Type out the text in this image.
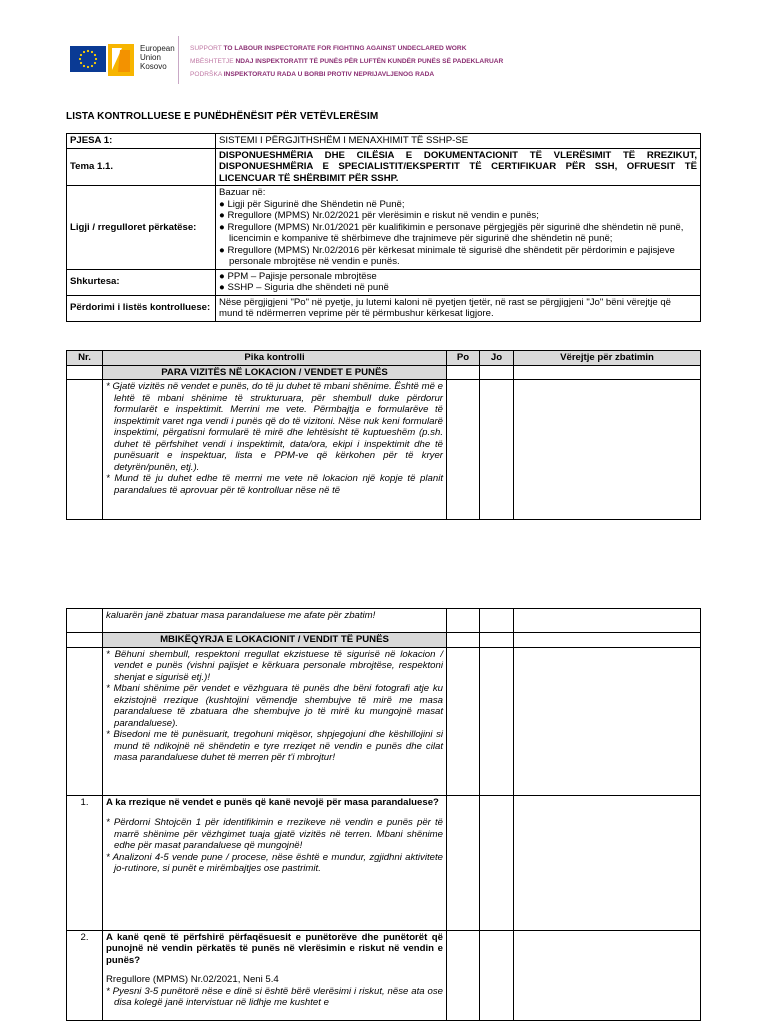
European
Union
Kosovo
SUPPORT TO LABOUR INSPECTORATE FOR FIGHTING AGAINST UNDECLARED WORK
MBËSHTETJE NDAJ INSPEKTORATIT TË PUNËS PËR LUFTËN KUNDËR PUNËS SË PADEKLARUAR
PODRŠKA INSPEKTORATU RADA U BORBI PROTIV NEPRIJAVLJENOG RADA
LISTA KONTROLLUESE E PUNËDHËNËSIT PËR VETËVLERËSIM
PJESA 1:	SISTEMI I PËRGJITHSHËM I MENAXHIMIT TË SSHP-SE
Tema 1.1.	DISPONUESHMËRIA DHE CILËSIA E DOKUMENTACIONIT TË VLERËSIMIT TË RREZIKUT, DISPONUESHMËRIA E SPECIALISTIT/EKSPERTIT TË CERTIFIKUAR PËR SSH, OFRUESIT TË LICENCUAR TË SHËRBIMIT PËR SSHP.
Ligji / rregulloret përkatëse:	Bazuar në:
● Ligji për Sigurinë dhe Shëndetin në Punë;
● Rregullore (MPMS) Nr.02/2021 për vlerësimin e riskut në vendin e punës;
● Rregullore (MPMS) Nr.01/2021 për kualifikimin e personave përgjegjës për sigurinë dhe shëndetin në punë, licencimin e kompanive të shërbimeve dhe trajnimeve për sigurinë dhe shëndetin në punë;
● Rregullore (MPMS) Nr.02/2016 për kërkesat minimale të sigurisë dhe shëndetit për përdorimin e pajisjeve personale mbrojtëse në vendin e punës.

Shkurtesa:	● PPM – Pajisje personale mbrojtëse
● SSHP – Siguria dhe shëndeti në punë

Përdorimi i listës kontrolluese:	Nëse përgjigjeni "Po" në pyetje, ju lutemi kaloni në pyetjen tjetër, në rast se përgjigjeni "Jo" bëni vërejtje që mund të ndërmerren veprime për të përmbushur kërkesat ligjore.
Nr.	Pika kontrolli	Po	Jo	Vërejtje për zbatimin
	PARA VIZITËS NË LOKACION / VENDET E PUNËS			

	* Gjatë vizitës në vendet e punës, do të ju duhet të mbani shënime. Është më e lehtë të mbani shënime të strukturuara, për shembull duke përdorur formularët e inspektimit. Merrini me vete. Përmbajtja e formularëve të inspektimit varet nga vendi i punës që do të vizitoni. Nëse nuk keni formularë inspektimi, përgatisni formularë të mirë dhe lehtësisht të kuptueshëm (p.sh. duhet të përfshihet vendi i inspektimit, data/ora, ekipi i inspektimit dhe të punësuarit e inspektuar, lista e PPM-ve që kërkohen për të kryer detyrën/punën, etj.).
* Mund të ju duhet edhe të merrni me vete në lokacion një kopje të planit parandalues të aprovuar për të kontrolluar nëse në të			

	kaluarën janë zbatuar masa parandaluese me afate për zbatim!			

	MBIKËQYRJA E LOKACIONIT / VENDIT TË PUNËS			

	* Bëhuni shembull, respektoni rregullat ekzistuese të sigurisë në lokacion / vendet e punës (vishni pajisjet e kërkuara personale mbrojtëse, respektoni shenjat e sigurisë etj.)!
* Mbani shënime për vendet e vëzhguara të punës dhe bëni fotografi atje ku ekzistojnë rrezique (kushtojini vëmendje shembujve të mirë me masa parandaluese të zbatuara dhe shembujve jo të mirë ku mungojnë masat parandaluese).
* Bisedoni me të punësuarit, tregohuni miqësor, shpjegojuni dhe këshillojini si mund të ndikojnë në shëndetin e tyre rreziqet në vendin e punës dhe cilat masa parandaluese duhet të merren për t'i mbrojtur!			

1.	A ka rrezique në vendet e punës që kanë nevojë për masa parandaluese?
* Përdorni Shtojcën 1 për identifikimin e rrezikeve në vendin e punës për të marrë shënime për vëzhgimet tuaja gjatë vizitës në terren. Mbani shënime edhe për masat parandaluese që mungojnë!
* Analizoni 4-5 vende pune / procese, nëse është e mundur, zgjidhni aktivitete jo-rutinore, si punët e mirëmbajtjes ose pastrimit.			

2.	A kanë qenë të përfshirë përfaqësuesit e punëtorëve dhe punëtorët që punojnë në vendin përkatës të punës në vlerësimin e riskut në vendin e punës?
Rregullore (MPMS) Nr.02/2021, Neni 5.4
* Pyesni 3-5 punëtorë nëse e dinë si është bërë vlerësimi i riskut, nëse ata ose disa kolegë janë intervistuar në lidhje me kushtet e			
